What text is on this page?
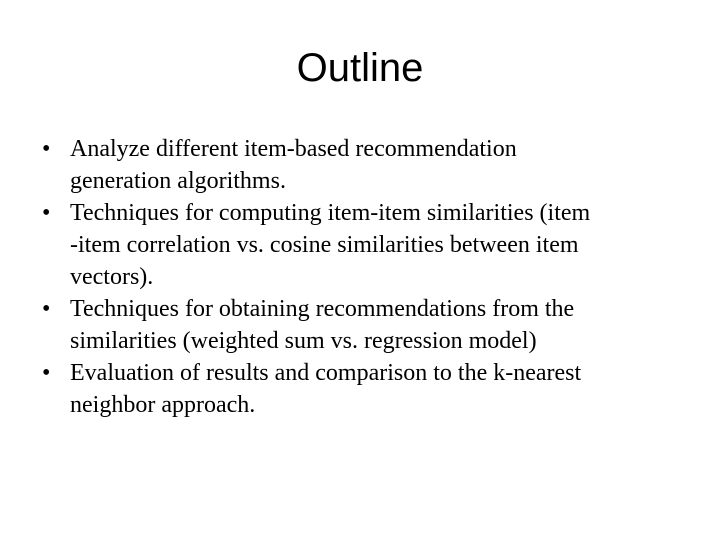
Outline
• Analyze different item-based recommendation
generation algorithms.
• Techniques for computing item-item similarities (item
-item correlation vs. cosine similarities between item
vectors).
• Techniques for obtaining recommendations from the
similarities (weighted sum vs. regression model)
• Evaluation of results and comparison to the k-nearest
neighbor approach.
